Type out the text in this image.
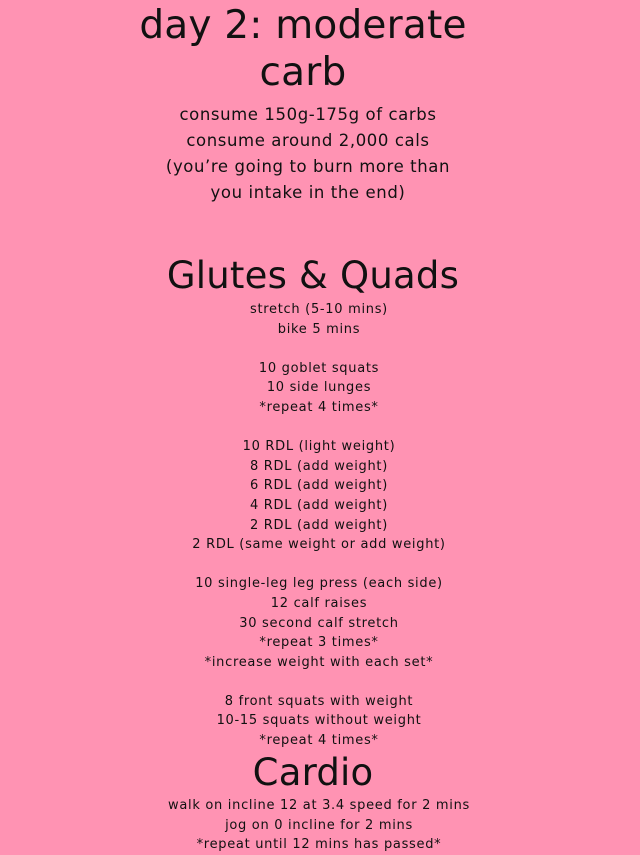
day 2: moderate
carb
consume 150g-175g of carbs
consume around 2,000 cals
(you’re going to burn more than
you intake in the end)
Glutes & Quads
stretch (5-10 mins)
bike 5 mins
10 goblet squats
10 side lunges
*repeat 4 times*
10 RDL (light weight)
8 RDL (add weight)
6 RDL (add weight)
4 RDL (add weight)
2 RDL (add weight)
2 RDL (same weight or add weight)
10 single-leg leg press (each side)
12 calf raises
30 second calf stretch
*repeat 3 times*
*increase weight with each set*
8 front squats with weight
10-15 squats without weight
*repeat 4 times*
Cardio
walk on incline 12 at 3.4 speed for 2 mins
jog on 0 incline for 2 mins
*repeat until 12 mins has passed*
